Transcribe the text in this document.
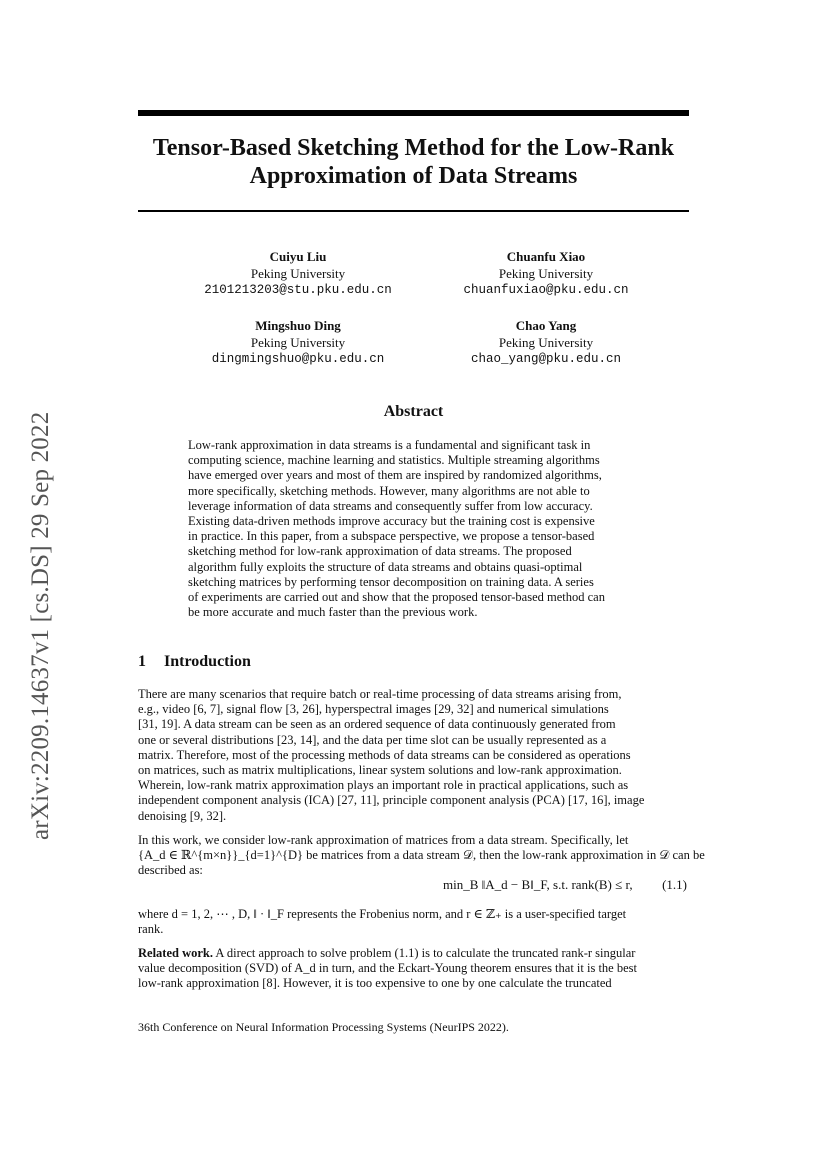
Tensor-Based Sketching Method for the Low-Rank
Approximation of Data Streams
Cuiyu Liu
Peking University
2101213203@stu.pku.edu.cn
Chuanfu Xiao
Peking University
chuanfuxiao@pku.edu.cn
Mingshuo Ding
Peking University
dingmingshuo@pku.edu.cn
Chao Yang
Peking University
chao_yang@pku.edu.cn
arXiv:2209.14637v1 [cs.DS] 29 Sep 2022
Abstract
Low-rank approximation in data streams is a fundamental and significant task in
computing science, machine learning and statistics. Multiple streaming algorithms
have emerged over years and most of them are inspired by randomized algorithms,
more specifically, sketching methods. However, many algorithms are not able to
leverage information of data streams and consequently suffer from low accuracy.
Existing data-driven methods improve accuracy but the training cost is expensive
in practice. In this paper, from a subspace perspective, we propose a tensor-based
sketching method for low-rank approximation of data streams. The proposed
algorithm fully exploits the structure of data streams and obtains quasi-optimal
sketching matrices by performing tensor decomposition on training data. A series
of experiments are carried out and show that the proposed tensor-based method can
be more accurate and much faster than the previous work.
1 Introduction
There are many scenarios that require batch or real-time processing of data streams arising from,
e.g., video [6, 7], signal flow [3, 26], hyperspectral images [29, 32] and numerical simulations
[31, 19]. A data stream can be seen as an ordered sequence of data continuously generated from
one or several distributions [23, 14], and the data per time slot can be usually represented as a
matrix. Therefore, most of the processing methods of data streams can be considered as operations
on matrices, such as matrix multiplications, linear system solutions and low-rank approximation.
Wherein, low-rank matrix approximation plays an important role in practical applications, such as
independent component analysis (ICA) [27, 11], principle component analysis (PCA) [17, 16], image
denoising [9, 32].
In this work, we consider low-rank approximation of matrices from a data stream. Specifically, let
{A_d ∈ ℝ^{m×n}}_{d=1}^{D} be matrices from a data stream 𝒟, then the low-rank approximation in 𝒟 can be
described as:
min_B ‖A_d − B‖_F, s.t. rank(B) ≤ r, (1.1)
where d = 1, 2, ⋯ , D, ‖ · ‖_F represents the Frobenius norm, and r ∈ ℤ₊ is a user-specified target
rank.
Related work. A direct approach to solve problem (1.1) is to calculate the truncated rank-r singular
value decomposition (SVD) of A_d in turn, and the Eckart-Young theorem ensures that it is the best
low-rank approximation [8]. However, it is too expensive to one by one calculate the truncated
36th Conference on Neural Information Processing Systems (NeurIPS 2022).
